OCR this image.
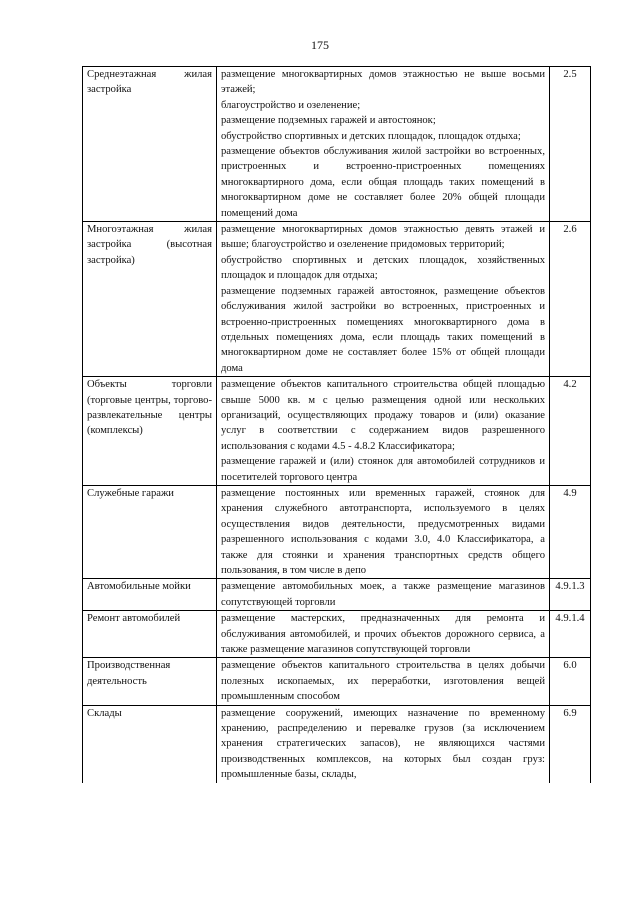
175
Среднеэтажная жилая застройка	размещение многоквартирных домов этажностью не выше восьми этажей;
благоустройство и озеленение;
размещение подземных гаражей и автостоянок;
обустройство спортивных и детских площадок, площадок отдыха;
размещение объектов обслуживания жилой застройки во встроенных, пристроенных и встроенно-пристроенных помещениях многоквартирного дома, если общая площадь таких помещений в многоквартирном доме не составляет более 20% общей площади помещений дома	2.5

Многоэтажная жилая застройка (высотная застройка)	размещение многоквартирных домов этажностью девять этажей и выше; благоустройство и озеленение придомовых территорий;
обустройство спортивных и детских площадок, хозяйственных площадок и площадок для отдыха;
размещение подземных гаражей автостоянок, размещение объектов обслуживания жилой застройки во встроенных, пристроенных и встроенно-пристроенных помещениях многоквартирного дома в отдельных помещениях дома, если площадь таких помещений в многоквартирном доме не составляет более 15% от общей площади дома	2.6

Объекты торговли (торговые центры, торгово-развлекательные центры (комплексы)	размещение объектов капитального строительства общей площадью свыше 5000 кв. м с целью размещения одной или нескольких организаций, осуществляющих продажу товаров и (или) оказание услуг в соответствии с содержанием видов разрешенного использования с кодами 4.5 - 4.8.2 Классификатора;
размещение гаражей и (или) стоянок для автомобилей сотрудников и посетителей торгового центра	4.2

Служебные гаражи	размещение постоянных или временных гаражей, стоянок для хранения служебного автотранспорта, используемого в целях осуществления видов деятельности, предусмотренных видами разрешенного использования с кодами 3.0, 4.0 Классификатора, а также для стоянки и хранения транспортных средств общего пользования, в том числе в депо	4.9

Автомобильные мойки	размещение автомобильных моек, а также размещение магазинов сопутствующей торговли	4.9.1.3

Ремонт автомобилей	размещение мастерских, предназначенных для ремонта и обслуживания автомобилей, и прочих объектов дорожного сервиса, а также размещение магазинов сопутствующей торговли	4.9.1.4

Производственная деятельность	размещение объектов капитального строительства в целях добычи полезных ископаемых, их переработки, изготовления вещей промышленным способом	6.0

Склады	размещение сооружений, имеющих назначение по временному хранению, распределению и перевалке грузов (за исключением хранения стратегических запасов), не являющихся частями производственных комплексов, на которых был создан груз: промышленные базы, склады,	6.9
